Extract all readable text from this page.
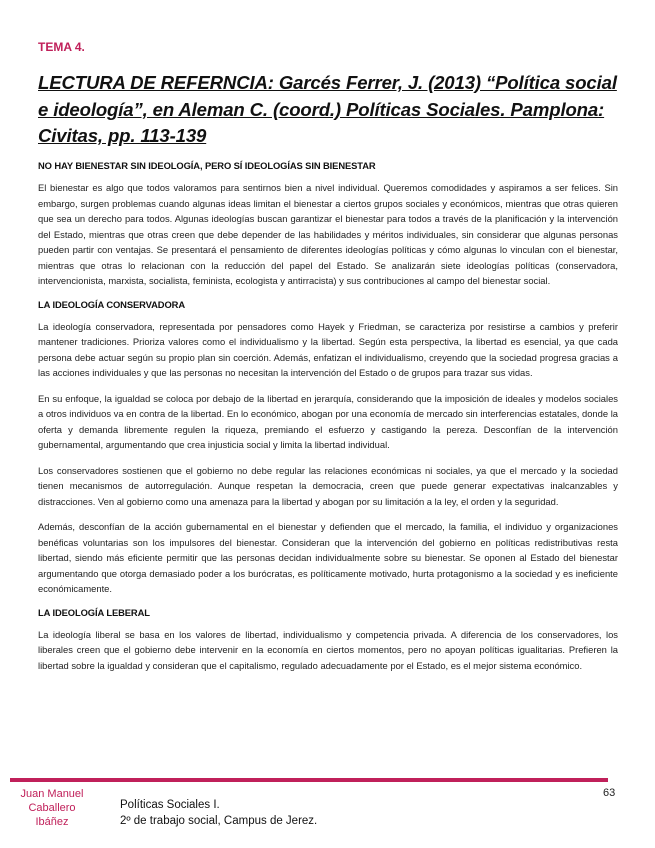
TEMA 4.
LECTURA DE REFERNCIA: Garcés Ferrer, J. (2013) “Política social e ideología”, en Aleman C. (coord.) Políticas Sociales. Pamplona: Civitas, pp. 113-139
NO HAY BIENESTAR SIN IDEOLOGÍA, PERO SÍ IDEOLOGÍAS SIN BIENESTAR

El bienestar es algo que todos valoramos para sentirnos bien a nivel individual. Queremos comodidades y aspiramos a ser felices. Sin embargo, surgen problemas cuando algunas ideas limitan el bienestar a ciertos grupos sociales y económicos, mientras que otras quieren que sea un derecho para todos. Algunas ideologías buscan garantizar el bienestar para todos a través de la planificación y la intervención del Estado, mientras que otras creen que debe depender de las habilidades y méritos individuales, sin considerar que algunas personas pueden partir con ventajas. Se presentará el pensamiento de diferentes ideologías políticas y cómo algunas lo vinculan con el bienestar, mientras que otras lo relacionan con la reducción del papel del Estado. Se analizarán siete ideologías políticas (conservadora, intervencionista, marxista, socialista, feminista, ecologista y antirracista) y sus contribuciones al campo del bienestar social.

LA IDEOLOGÍA CONSERVADORA

La ideología conservadora, representada por pensadores como Hayek y Friedman, se caracteriza por resistirse a cambios y preferir mantener tradiciones. Prioriza valores como el individualismo y la libertad. Según esta perspectiva, la libertad es esencial, ya que cada persona debe actuar según su propio plan sin coerción. Además, enfatizan el individualismo, creyendo que la sociedad progresa gracias a las acciones individuales y que las personas no necesitan la intervención del Estado o de grupos para trazar sus vidas.

En su enfoque, la igualdad se coloca por debajo de la libertad en jerarquía, considerando que la imposición de ideales y modelos sociales a otros individuos va en contra de la libertad. En lo económico, abogan por una economía de mercado sin interferencias estatales, donde la oferta y demanda libremente regulen la riqueza, premiando el esfuerzo y castigando la pereza. Desconfían de la intervención gubernamental, argumentando que crea injusticia social y limita la libertad individual.

Los conservadores sostienen que el gobierno no debe regular las relaciones económicas ni sociales, ya que el mercado y la sociedad tienen mecanismos de autorregulación. Aunque respetan la democracia, creen que puede generar expectativas inalcanzables y distracciones. Ven al gobierno como una amenaza para la libertad y abogan por su limitación a la ley, el orden y la seguridad.

Además, desconfían de la acción gubernamental en el bienestar y defienden que el mercado, la familia, el individuo y organizaciones benéficas voluntarias son los impulsores del bienestar. Consideran que la intervención del gobierno en políticas redistributivas resta libertad, siendo más eficiente permitir que las personas decidan individualmente sobre su bienestar. Se oponen al Estado del bienestar argumentando que otorga demasiado poder a los burócratas, es políticamente motivado, hurta protagonismo a la sociedad y es ineficiente económicamente.

LA IDEOLOGÍA LEBERAL

La ideología liberal se basa en los valores de libertad, individualismo y competencia privada. A diferencia de los conservadores, los liberales creen que el gobierno debe intervenir en la economía en ciertos momentos, pero no apoyan políticas igualitarias. Prefieren la libertad sobre la igualdad y consideran que el capitalismo, regulado adecuadamente por el Estado, es el mejor sistema económico.

63
Juan Manuel
Caballero
Ibáñez
Políticas Sociales I.
2º de trabajo social, Campus de Jerez.
